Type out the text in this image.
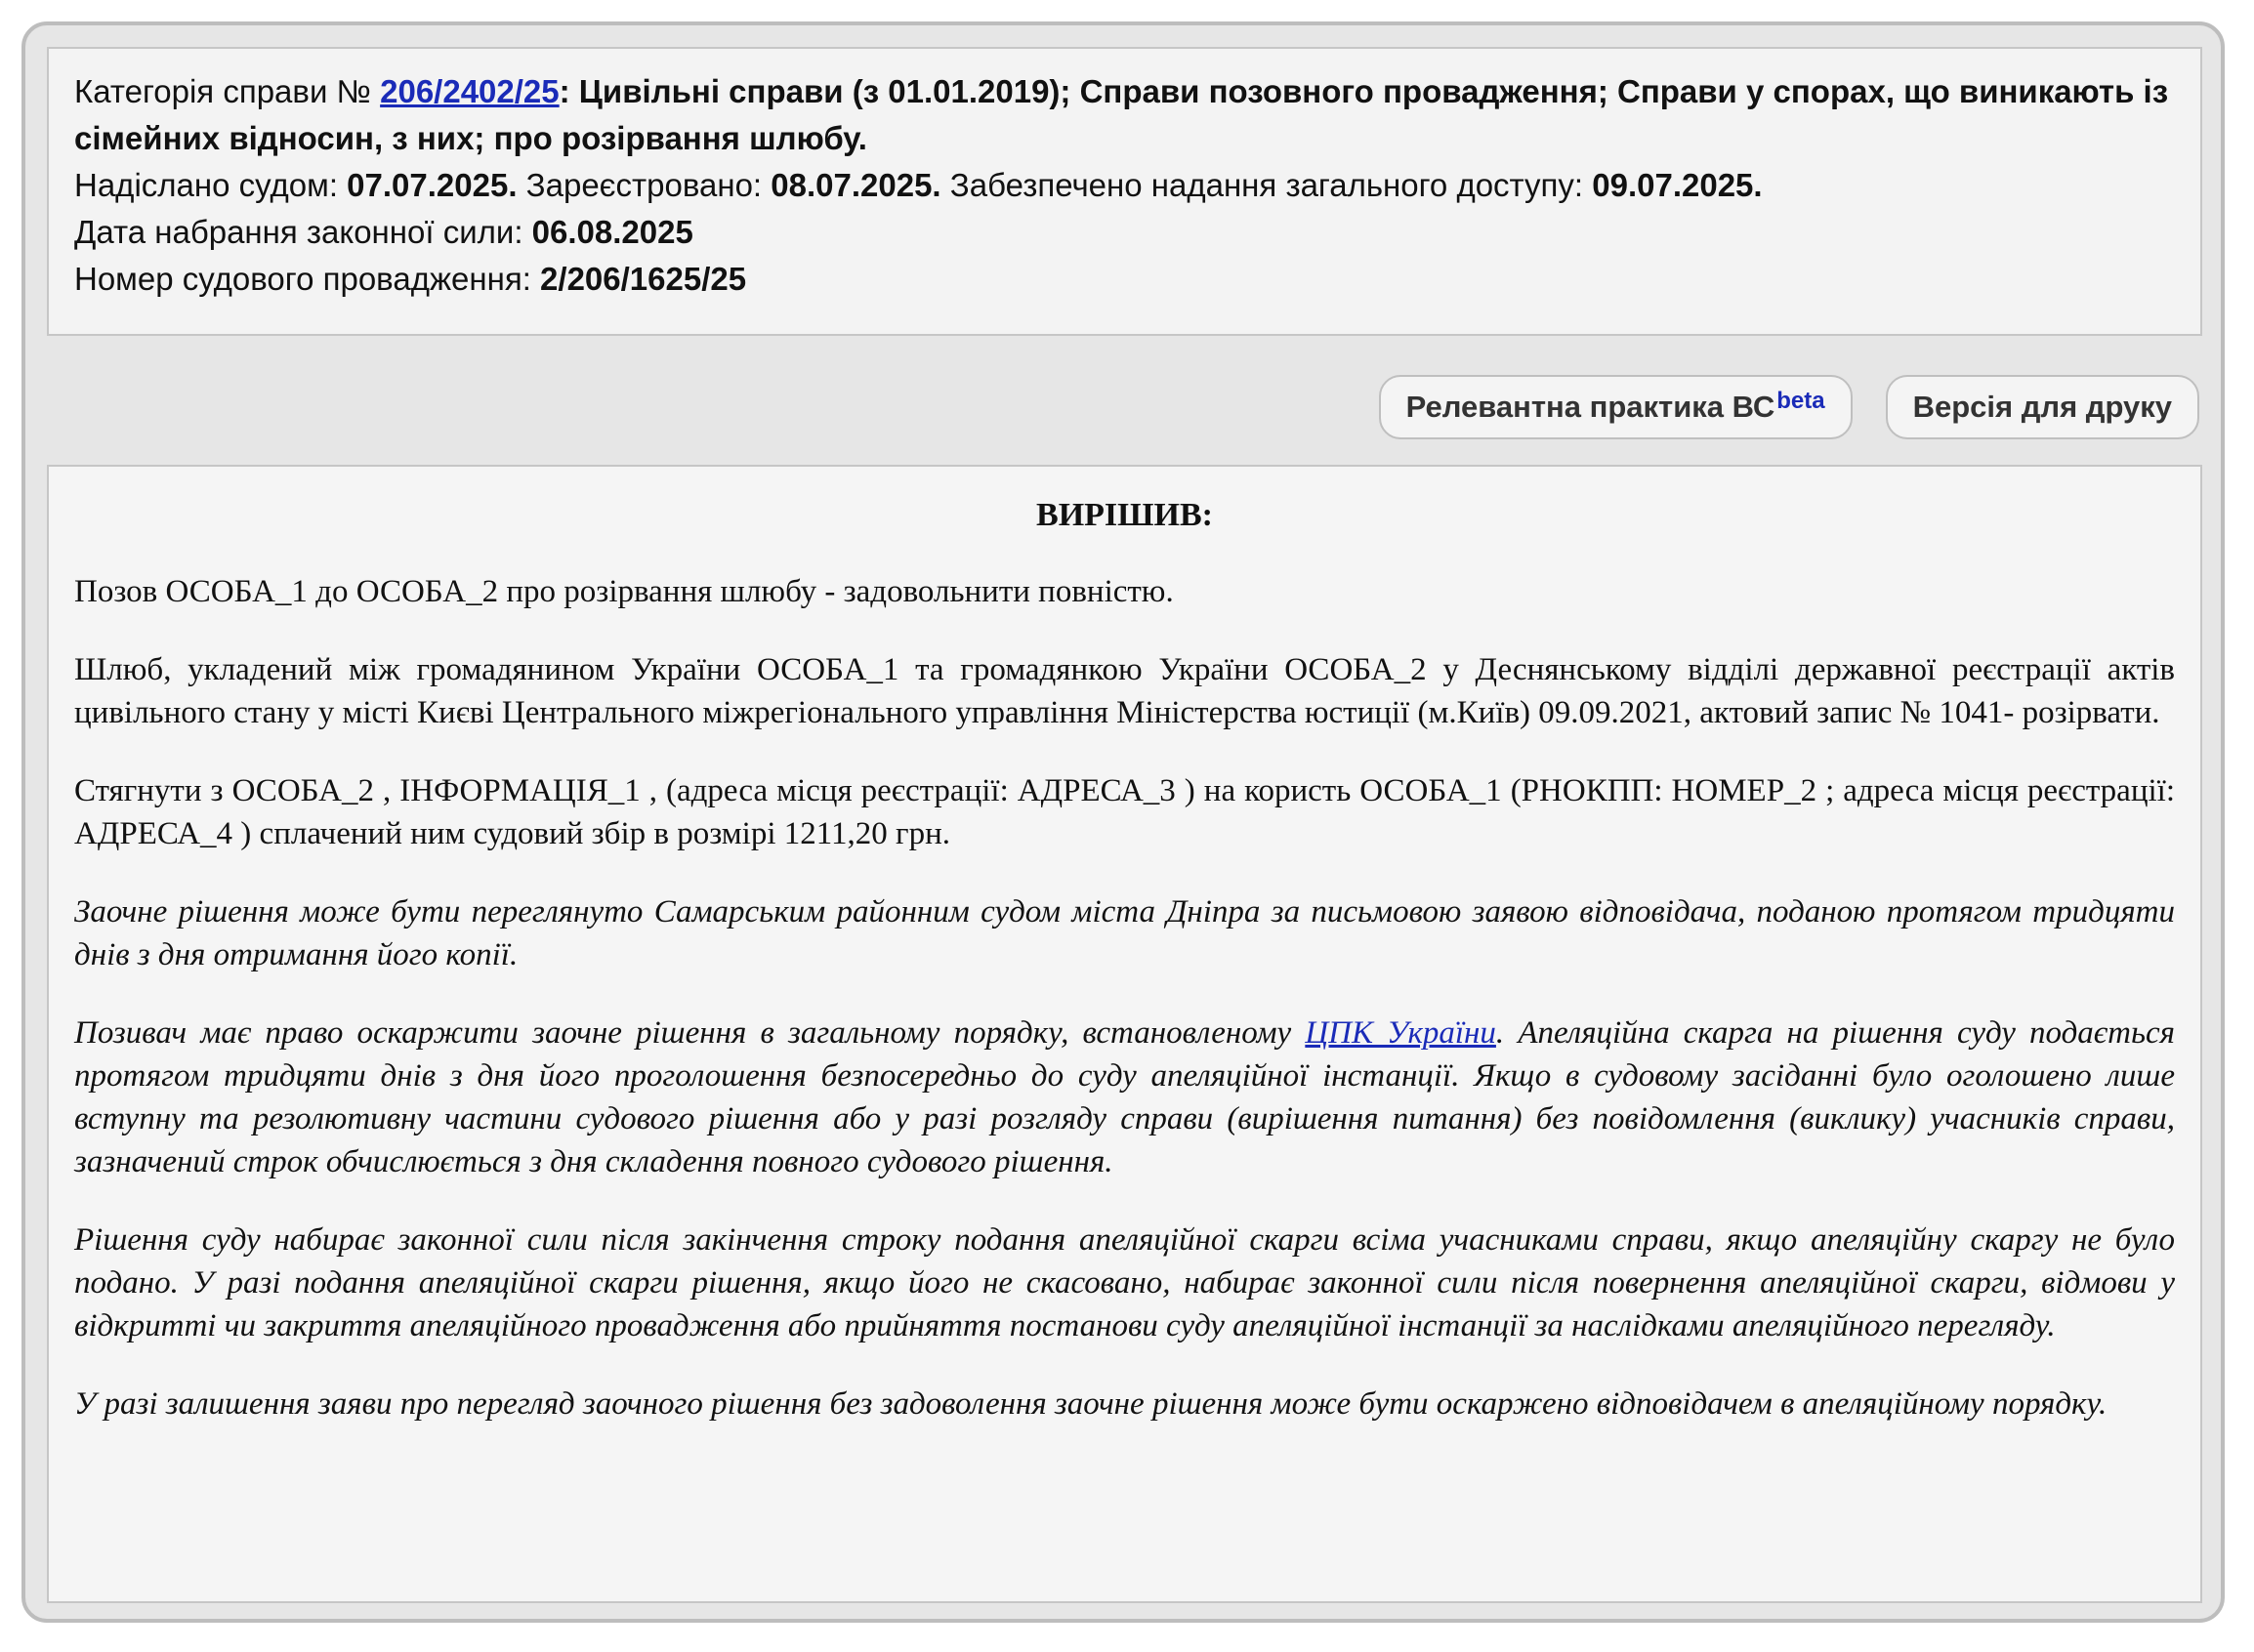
Категорія справи № 206/2402/25: Цивільні справи (з 01.01.2019); Справи позовного провадження; Справи у спорах, що виникають із сімейних відносин, з них; про розірвання шлюбу.

Надіслано судом: 07.07.2025. Зареєстровано: 08.07.2025. Забезпечено надання загального доступу: 09.07.2025.

Дата набрання законної сили: 06.08.2025

Номер судового провадження: 2/206/1625/25

Релевантна практика $ВС^{beta}$	Версія для друку

ВИРІШИВ:

Позов ОСОБА_1 до ОСОБА_2 про розірвання шлюбу - задовольнити повністю.

Шлюб, укладений між громадянином України ОСОБА_1 та громадянкою України ОСОБА_2 у Деснянському відділі державної реєстрації актів цивільного стану у місті Києві Центрального міжрегіонального управління Міністерства юстиції (м.Київ) 09.09.2021, актовий запис № 1041- розірвати.

Стягнути з ОСОБА_2 , ІНФОРМАЦІЯ_1 , (адреса місця реєстрації: АДРЕСА_3 ) на користь ОСОБА_1 (РНОКПП: НОМЕР_2 ; адреса місця реєстрації: АДРЕСА_4 ) сплачений ним судовий збір в розмірі 1211,20 грн.

Заочне рішення може бути переглянуто Самарським районним судом міста Дніпра за письмовою заявою відповідача, поданою протягом тридцяти днів з дня отримання його копії.

Позивач має право оскаржити заочне рішення в загальному порядку, встановленому ЦПК України. Апеляційна скарга на рішення суду подається протягом тридцяти днів з дня його проголошення безпосередньо до суду апеляційної інстанції. Якщо в судовому засіданні було оголошено лише вступну та резолютивну частини судового рішення або у разі розгляду справи (вирішення питання) без повідомлення (виклику) учасників справи, зазначений строк обчислюється з дня складення повного судового рішення.

Рішення суду набирає законної сили після закінчення строку подання апеляційної скарги всіма учасниками справи, якщо апеляційну скаргу не було подано. У разі подання апеляційної скарги рішення, якщо його не скасовано, набирає законної сили після повернення апеляційної скарги, відмови у відкритті чи закриття апеляційного провадження або прийняття постанови суду апеляційної інстанції за наслідками апеляційного перегляду.

У разі залишення заяви про перегляд заочного рішення без задоволення заочне рішення може бути оскаржено відповідачем в апеляційному порядку.
